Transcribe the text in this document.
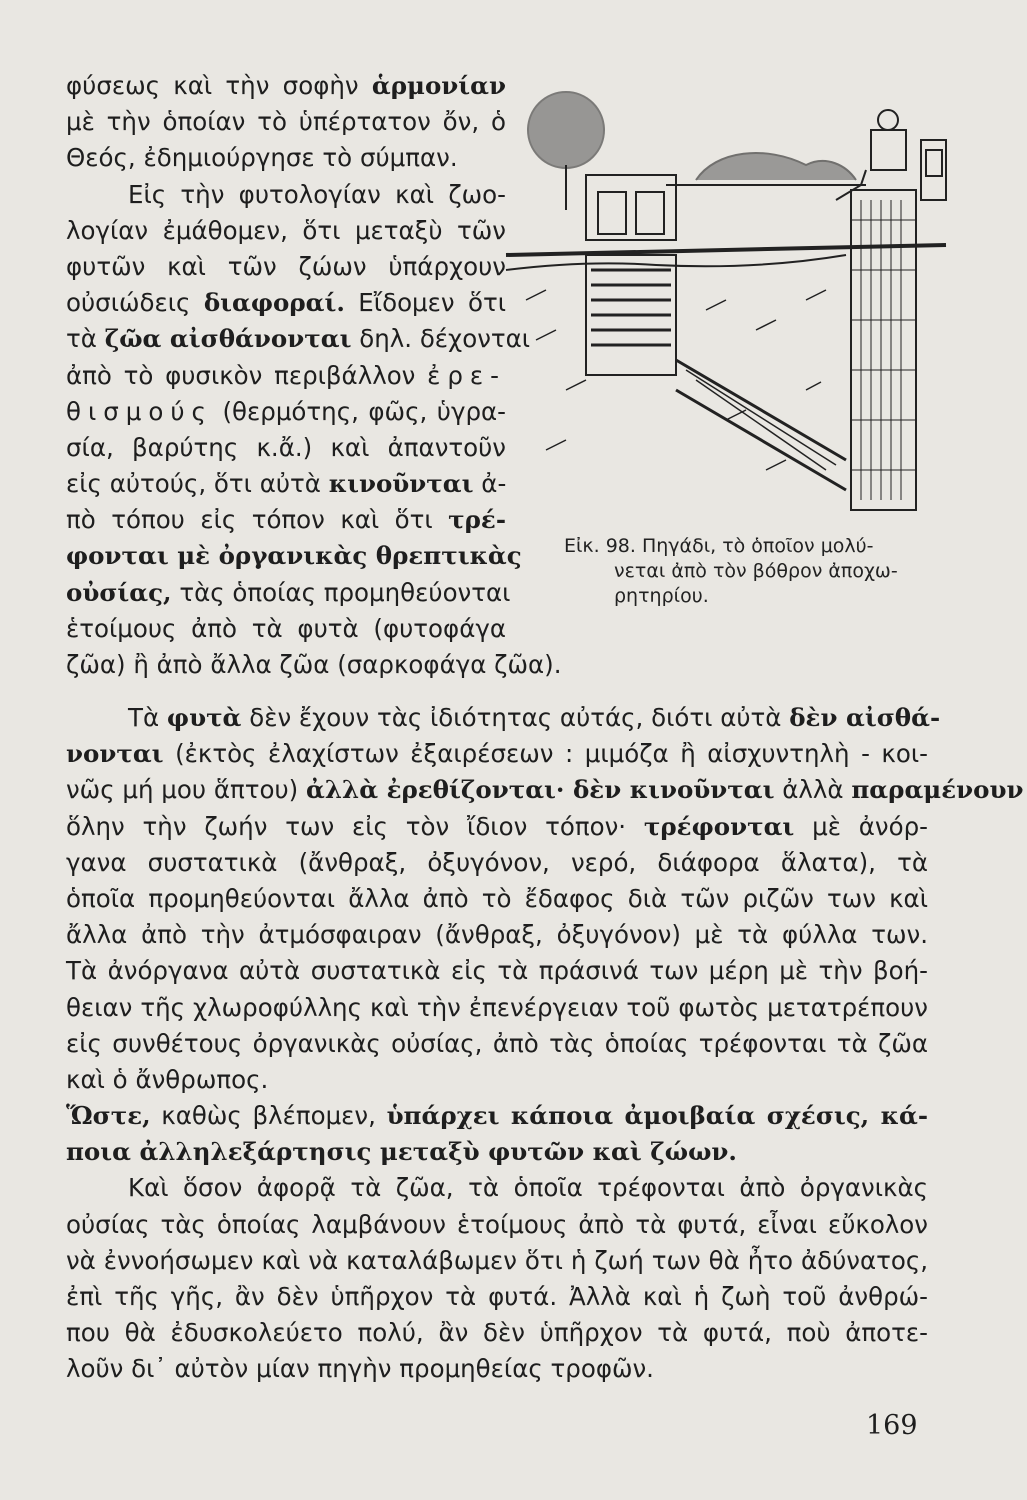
φύσεως καὶ τὴν σοφὴν ἁρμονίαν
μὲ τὴν ὁποίαν τὸ ὑπέρτατον ὄν, ὁ
Θεός, ἐδημιούργησε τὸ σύμπαν.
Εἰς τὴν φυτολογίαν καὶ ζωο-
λογίαν ἐμάθομεν, ὅτι μεταξὺ τῶν
φυτῶν καὶ τῶν ζώων ὑπάρχουν
οὐσιώδεις διαφοραί. Εἴδομεν ὅτι
τὰ ζῶα αἰσθάνονται δηλ. δέχονται
ἀπὸ τὸ φυσικὸν περιβάλλον ἐρε-
θισμούς (θερμότης, φῶς, ὑγρα-
σία, βαρύτης κ.ἄ.) καὶ ἀπαντοῦν
εἰς αὐτούς, ὅτι αὐτὰ κινοῦνται ἀ-
πὸ τόπου εἰς τόπον καὶ ὅτι τρέ-
φονται μὲ ὀργανικὰς θρεπτικὰς
οὐσίας, τὰς ὁποίας προμηθεύονται
ἑτοίμους ἀπὸ τὰ φυτὰ (φυτοφάγα
ζῶα) ἢ ἀπὸ ἄλλα ζῶα (σαρκοφάγα ζῶα).
Εἰκ. 98. Πηγάδι, τὸ ὁποῖον μολύ-
νεται ἀπὸ τὸν βόθρον ἀποχω-
ρητηρίου.
Τὰ φυτὰ δὲν ἔχουν τὰς ἰδιότητας αὐτάς, διότι αὐτὰ δὲν αἰσθά-
νονται (ἐκτὸς ἐλαχίστων ἐξαιρέσεων : μιμόζα ἢ αἰσχυντηλὴ - κοι-
νῶς μή μου ἅπτου) ἀλλὰ ἐρεθίζονται· δὲν κινοῦνται ἀλλὰ παραμένουν
ὅλην τὴν ζωήν των εἰς τὸν ἴδιον τόπον· τρέφονται μὲ ἀνόρ-
γανα συστατικὰ (ἄνθραξ, ὀξυγόνον, νερό, διάφορα ἅλατα), τὰ
ὁποῖα προμηθεύονται ἄλλα ἀπὸ τὸ ἔδαφος διὰ τῶν ριζῶν των καὶ
ἄλλα ἀπὸ τὴν ἀτμόσφαιραν (ἄνθραξ, ὀξυγόνον) μὲ τὰ φύλλα των.
Τὰ ἀνόργανα αὐτὰ συστατικὰ εἰς τὰ πράσινά των μέρη μὲ τὴν βοή-
θειαν τῆς χλωροφύλλης καὶ τὴν ἐπενέργειαν τοῦ φωτὸς μετατρέπουν
εἰς συνθέτους ὀργανικὰς οὐσίας, ἀπὸ τὰς ὁποίας τρέφονται τὰ ζῶα
καὶ ὁ ἄνθρωπος.
Ὥστε, καθὼς βλέπομεν, ὑπάρχει κάποια ἀμοιβαία σχέσις, κά-
ποια ἀλληλεξάρτησις μεταξὺ φυτῶν καὶ ζώων.
Καὶ ὅσον ἀφορᾷ τὰ ζῶα, τὰ ὁποῖα τρέφονται ἀπὸ ὀργανικὰς
οὐσίας τὰς ὁποίας λαμβάνουν ἑτοίμους ἀπὸ τὰ φυτά, εἶναι εὔκολον
νὰ ἐννοήσωμεν καὶ νὰ καταλάβωμεν ὅτι ἡ ζωή των θὰ ἦτο ἀδύνατος,
ἐπὶ τῆς γῆς, ἂν δὲν ὑπῆρχον τὰ φυτά. Ἀλλὰ καὶ ἡ ζωὴ τοῦ ἀνθρώ-
που θὰ ἐδυσκολεύετο πολύ, ἂν δὲν ὑπῆρχον τὰ φυτά, ποὺ ἀποτε-
λοῦν δι᾽ αὐτὸν μίαν πηγὴν προμηθείας τροφῶν.
169
